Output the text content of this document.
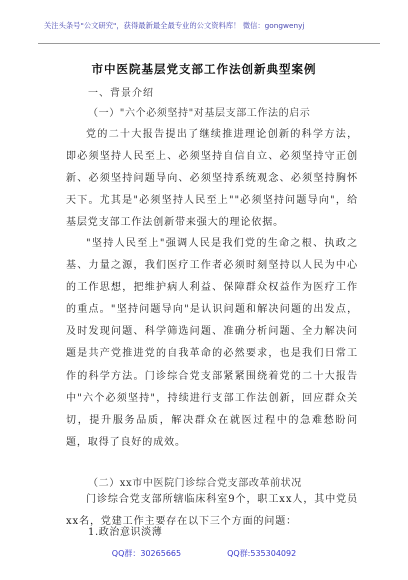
关注头条号"公文研究"，获得最新最全最专业的公文资料库！ 微信：gongwenyj
市中医院基层党支部工作法创新典型案例
一、背景介绍
（一）"六个必须坚持"对基层支部工作法的启示
党的二十大报告提出了继续推进理论创新的科学方法，即必须坚持人民至上、必须坚持自信自立、必须坚持守正创新、必须坚持问题导向、必须坚持系统观念、必须坚持胸怀天下。尤其是"必须坚持人民至上""必须坚持问题导向"，给基层党支部工作法创新带来强大的理论依据。
"坚持人民至上"强调人民是我们党的生命之根、执政之基、力量之源，我们医疗工作者必须时刻坚持以人民为中心的工作思想，把维护病人利益、保障群众权益作为医疗工作的重点。"坚持问题导向"是认识问题和解决问题的出发点，及时发现问题、科学筛选问题、准确分析问题、全力解决问题是共产党推进党的自我革命的必然要求，也是我们日常工作的科学方法。门诊综合党支部紧紧围绕着党的二十大报告中"六个必须坚持"，持续进行支部工作法创新，回应群众关切，提升服务品质，解决群众在就医过程中的急难愁盼问题，取得了良好的成效。
（二）xx市中医院门诊综合党支部改革前状况
门诊综合党支部所辖临床科室9个，职工xx人，其中党员xx名，党建工作主要存在以下三个方面的问题：
1.政治意识淡薄
QQ群：30265665	QQ群:535304092
